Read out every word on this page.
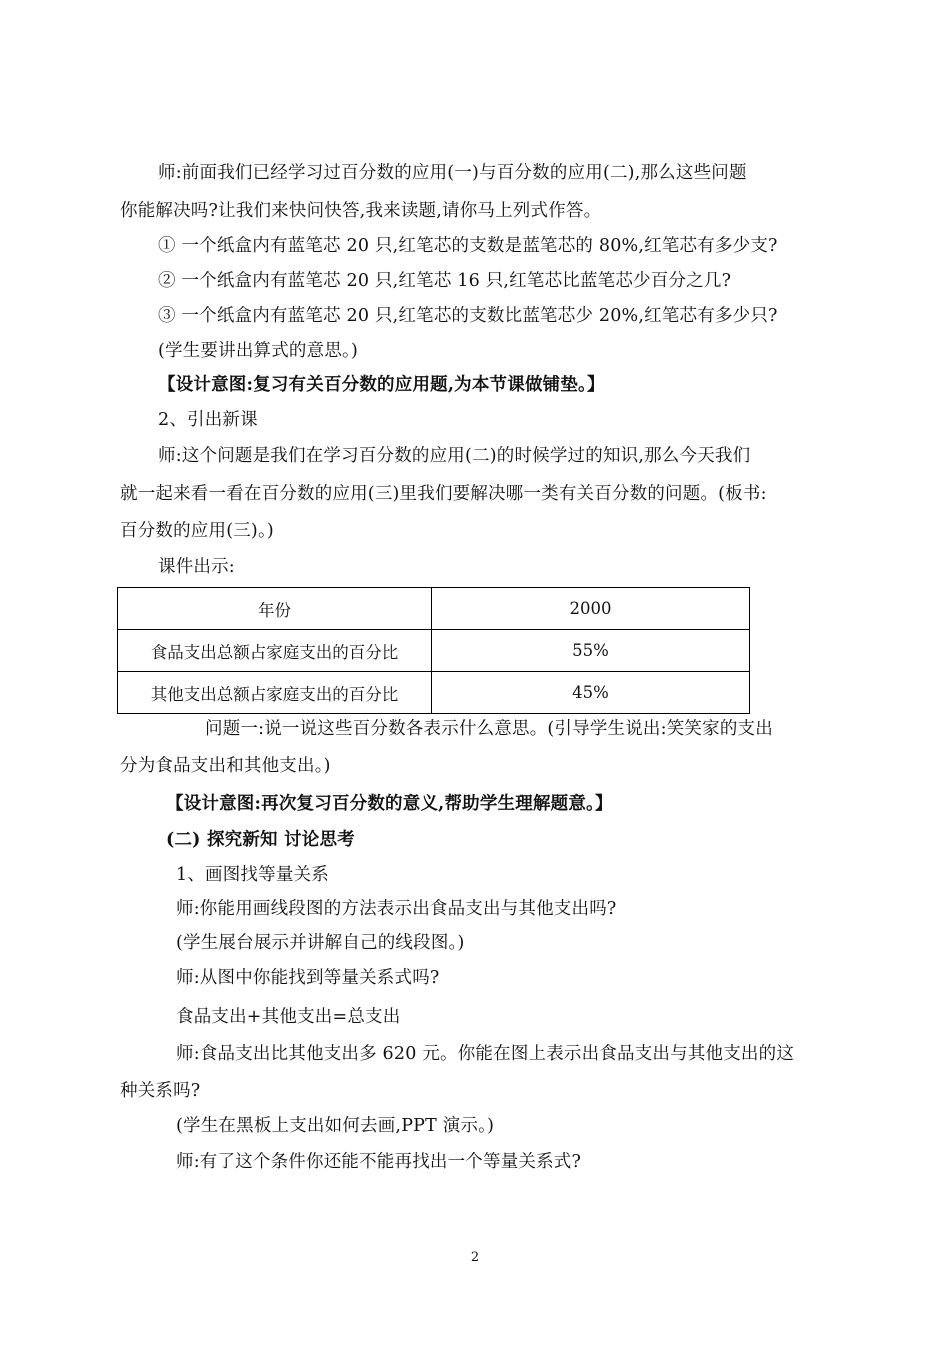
师:前面我们已经学习过百分数的应用(一)与百分数的应用(二),那么这些问题
你能解决吗?让我们来快问快答,我来读题,请你马上列式作答。
① 一个纸盒内有蓝笔芯 20 只,红笔芯的支数是蓝笔芯的 80%,红笔芯有多少支?
② 一个纸盒内有蓝笔芯 20 只,红笔芯 16 只,红笔芯比蓝笔芯少百分之几?
③ 一个纸盒内有蓝笔芯 20 只,红笔芯的支数比蓝笔芯少 20%,红笔芯有多少只?
(学生要讲出算式的意思。)
【设计意图:复习有关百分数的应用题,为本节课做铺垫。】
2、引出新课
师:这个问题是我们在学习百分数的应用(二)的时候学过的知识,那么今天我们
就一起来看一看在百分数的应用(三)里我们要解决哪一类有关百分数的问题。(板书:
百分数的应用(三)。)
课件出示:
年份	2000
食品支出总额占家庭支出的百分比	55%
其他支出总额占家庭支出的百分比	45%
问题一:说一说这些百分数各表示什么意思。(引导学生说出:笑笑家的支出
分为食品支出和其他支出。)
【设计意图:再次复习百分数的意义,帮助学生理解题意。】
(二) 探究新知 讨论思考
1、画图找等量关系
师:你能用画线段图的方法表示出食品支出与其他支出吗?
(学生展台展示并讲解自己的线段图。)
师:从图中你能找到等量关系式吗?
食品支出+其他支出=总支出
师:食品支出比其他支出多 620 元。你能在图上表示出食品支出与其他支出的这
种关系吗?
(学生在黑板上支出如何去画,PPT 演示。)
师:有了这个条件你还能不能再找出一个等量关系式?
2
